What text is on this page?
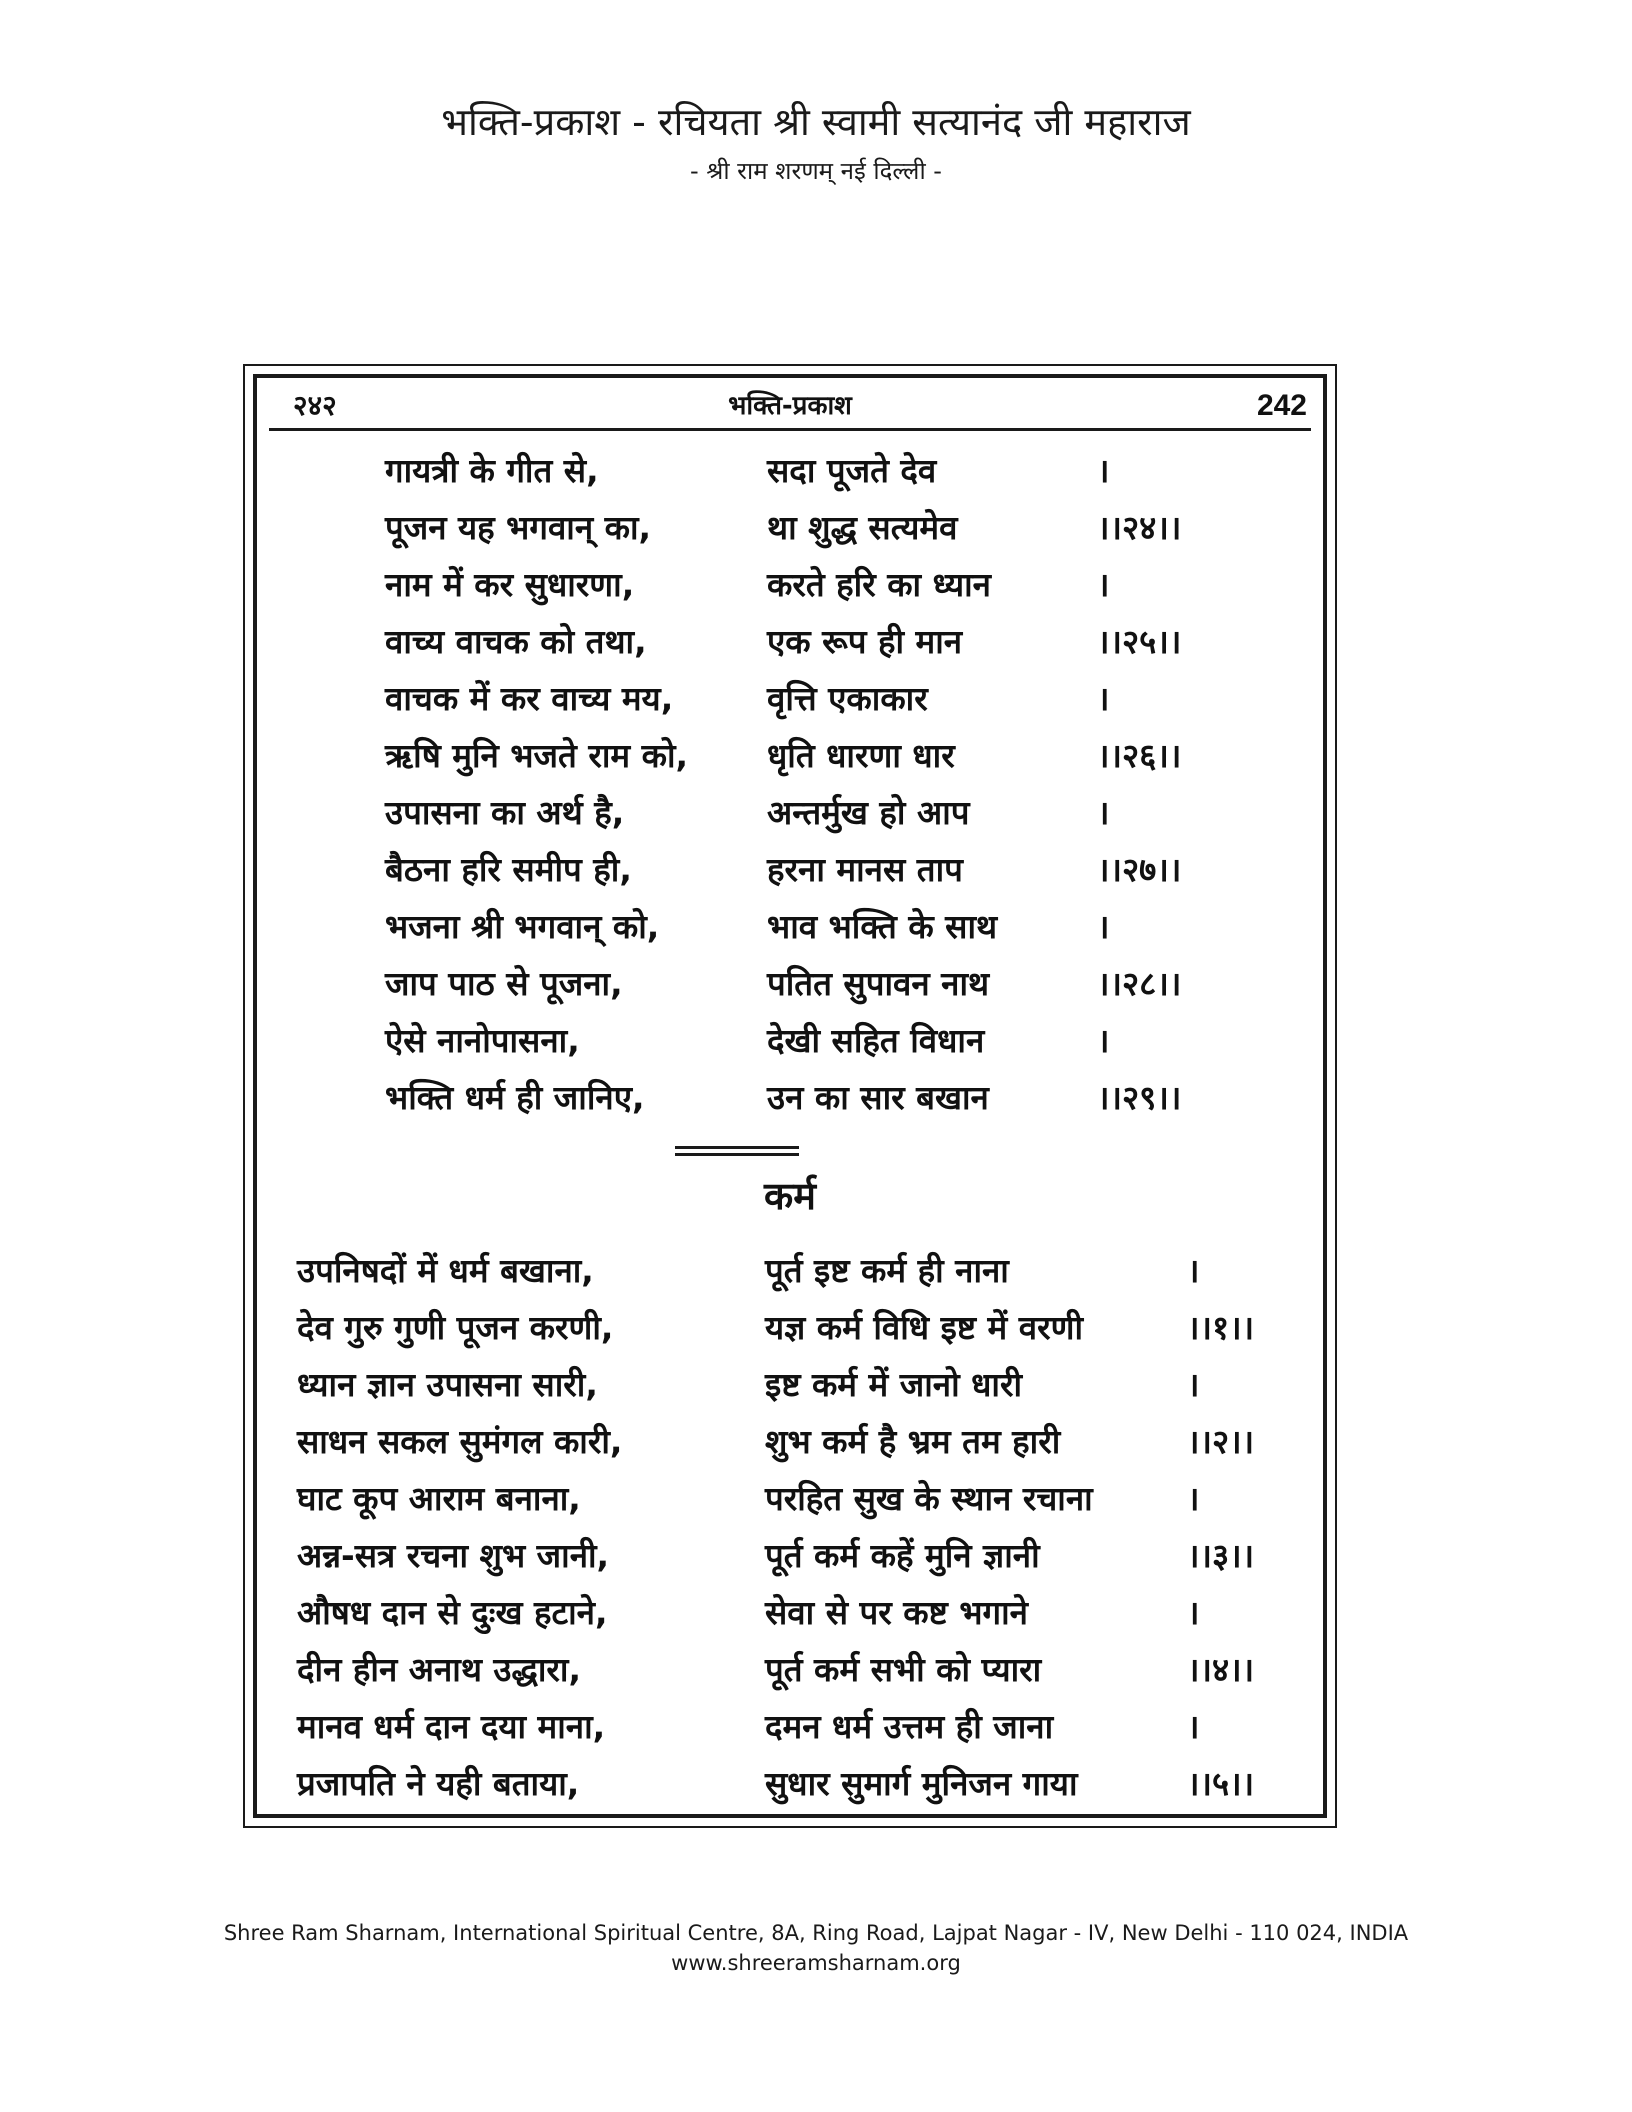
भक्ति-प्रकाश - रचियता श्री स्वामी सत्यानंद जी महाराज
- श्री राम शरणम् नई दिल्ली -
२४२	भक्ति-प्रकाश	242
गायत्री के गीत से,	सदा पूजते देव	।
पूजन यह भगवान् का,	था शुद्ध सत्यमेव	।।२४।।
नाम में कर सुधारणा,	करते हरि का ध्यान	।
वाच्य वाचक को तथा,	एक रूप ही मान	।।२५।।
वाचक में कर वाच्य मय,	वृत्ति एकाकार	।
ऋषि मुनि भजते राम को,	धृति धारणा धार	।।२६।।
उपासना का अर्थ है,	अन्तर्मुख हो आप	।
बैठना हरि समीप ही,	हरना मानस ताप	।।२७।।
भजना श्री भगवान् को,	भाव भक्ति के साथ	।
जाप पाठ से पूजना,	पतित सुपावन नाथ	।।२८।।
ऐसे नानोपासना,	देखी सहित विधान	।
भक्ति धर्म ही जानिए,	उन का सार बखान	।।२९।।
कर्म
उपनिषदों में धर्म बखाना,	पूर्त इष्ट कर्म ही नाना	।
देव गुरु गुणी पूजन करणी,	यज्ञ कर्म विधि इष्ट में वरणी	।।१।।
ध्यान ज्ञान उपासना सारी,	इष्ट कर्म में जानो धारी	।
साधन सकल सुमंगल कारी,	शुभ कर्म है भ्रम तम हारी	।।२।।
घाट कूप आराम बनाना,	परहित सुख के स्थान रचाना	।
अन्न-सत्र रचना शुभ जानी,	पूर्त कर्म कहें मुनि ज्ञानी	।।३।।
औषध दान से दुःख हटाने,	सेवा से पर कष्ट भगाने	।
दीन हीन अनाथ उद्धारा,	पूर्त कर्म सभी को प्यारा	।।४।।
मानव धर्म दान दया माना,	दमन धर्म उत्तम ही जाना	।
प्रजापति ने यही बताया,	सुधार सुमार्ग मुनिजन गाया	।।५।।
Shree Ram Sharnam, International Spiritual Centre, 8A, Ring Road, Lajpat Nagar - IV, New Delhi - 110 024, INDIA
www.shreeramsharnam.org
